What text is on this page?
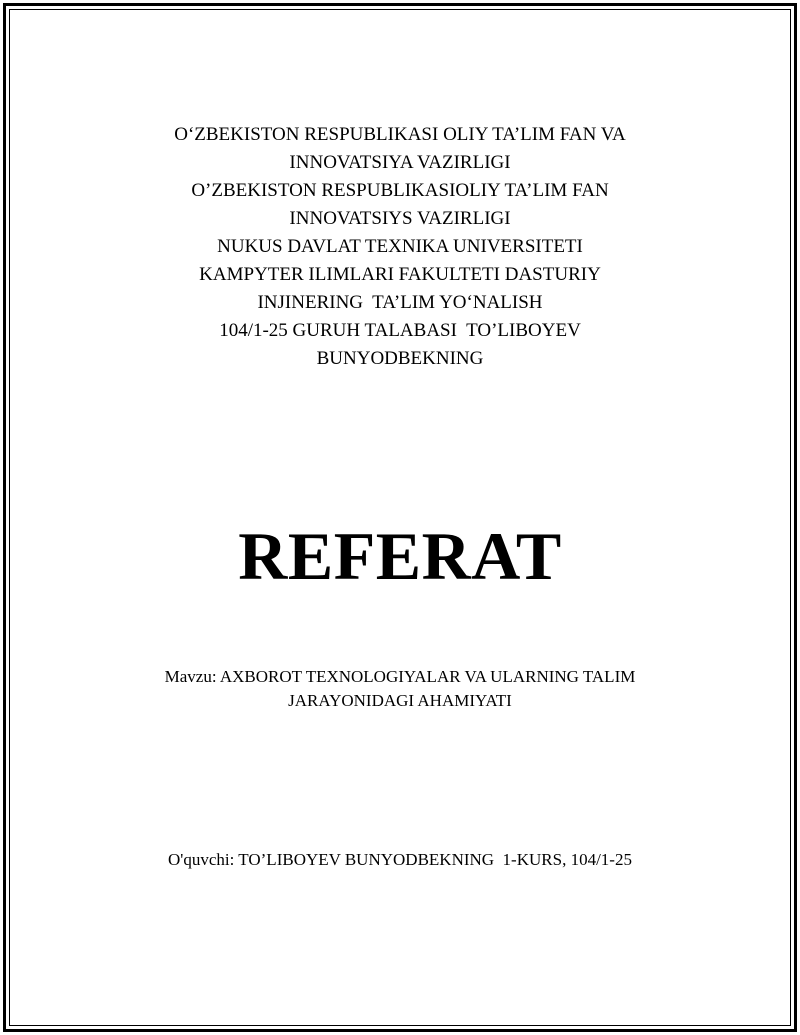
O‘ZBEKISTON RESPUBLIKASI OLIY TA’LIM FAN VA
INNOVATSIYA VAZIRLIGI
O’ZBEKISTON RESPUBLIKASIOLIY TA’LIM FAN
INNOVATSIYS VAZIRLIGI
NUKUS DAVLAT TEXNIKA UNIVERSITETI
KAMPYTER ILIMLARI FAKULTETI DASTURIY
INJINERING  TA’LIM YO‘NALISH
104/1-25 GURUH TALABASI  TO’LIBOYEV
BUNYODBEKNING
REFERAT
Mavzu: AXBOROT TEXNOLOGIYALAR VA ULARNING TALIM
JARAYONIDAGI AHAMIYATI
O'quvchi: TO’LIBOYEV BUNYODBEKNING  1-KURS, 104/1-25
